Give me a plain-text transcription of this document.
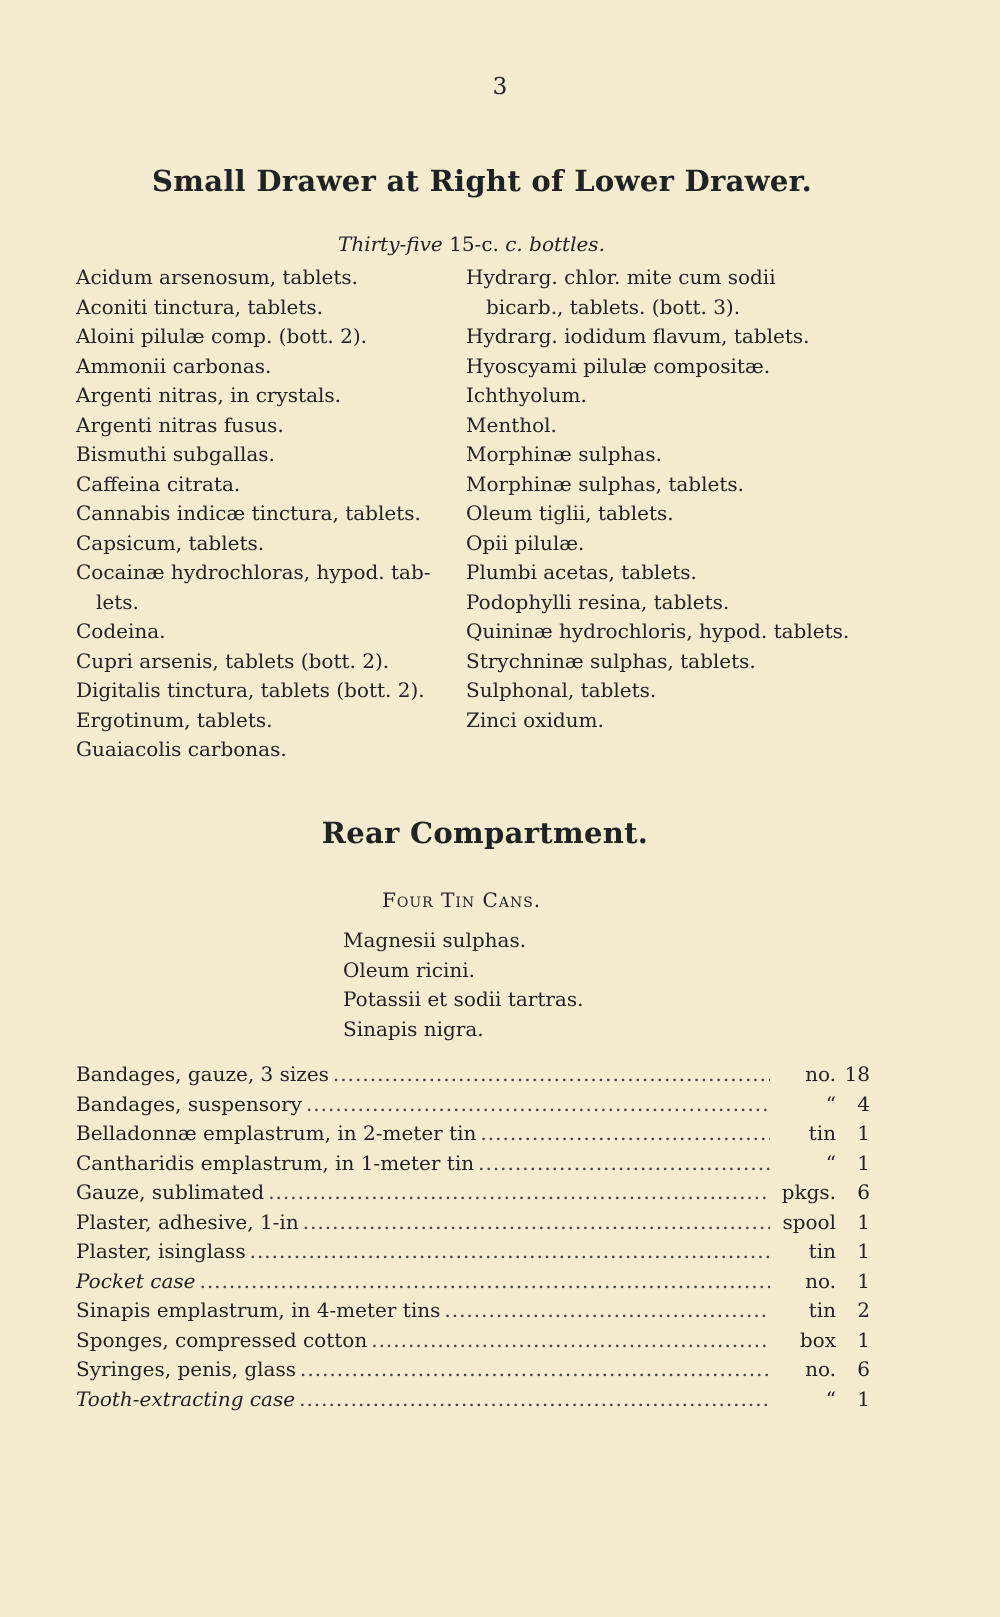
3
Small Drawer at Right of Lower Drawer.
Thirty-five 15-c. c. bottles.
Acidum arsenosum, tablets.
Aconiti tinctura, tablets.
Aloini pilulæ comp. (bott. 2).
Ammonii carbonas.
Argenti nitras, in crystals.
Argenti nitras fusus.
Bismuthi subgallas.
Caffeina citrata.
Cannabis indicæ tinctura, tablets.
Capsicum, tablets.
Cocainæ hydrochloras, hypod. tab-
lets.
Codeina.
Cupri arsenis, tablets (bott. 2).
Digitalis tinctura, tablets (bott. 2).
Ergotinum, tablets.
Guaiacolis carbonas.
Hydrarg. chlor. mite cum sodii
bicarb., tablets. (bott. 3).
Hydrarg. iodidum flavum, tablets.
Hyoscyami pilulæ compositæ.
Ichthyolum.
Menthol.
Morphinæ sulphas.
Morphinæ sulphas, tablets.
Oleum tiglii, tablets.
Opii pilulæ.
Plumbi acetas, tablets.
Podophylli resina, tablets.
Quininæ hydrochloris, hypod. tablets.
Strychninæ sulphas, tablets.
Sulphonal, tablets.
Zinci oxidum.
Rear Compartment.
Four Tin Cans.
Magnesii sulphas.
Oleum ricini.
Potassii et sodii tartras.
Sinapis nigra.
Bandages, gauze, 3 sizes .....	no. 18
Bandages, suspensory .....	“	4
Belladonnæ emplastrum, in 2-meter tin .....	tin	1
Cantharidis emplastrum, in 1-meter tin .....	“	1
Gauze, sublimated .....	pkgs.	6
Plaster, adhesive, 1-in .....	spool	1
Plaster, isinglass .....	tin	1
Pocket case .....	no.	1
Sinapis emplastrum, in 4-meter tins .....	tin	2
Sponges, compressed cotton .....	box	1
Syringes, penis, glass .....	no.	6
Tooth-extracting case .....	“	1
